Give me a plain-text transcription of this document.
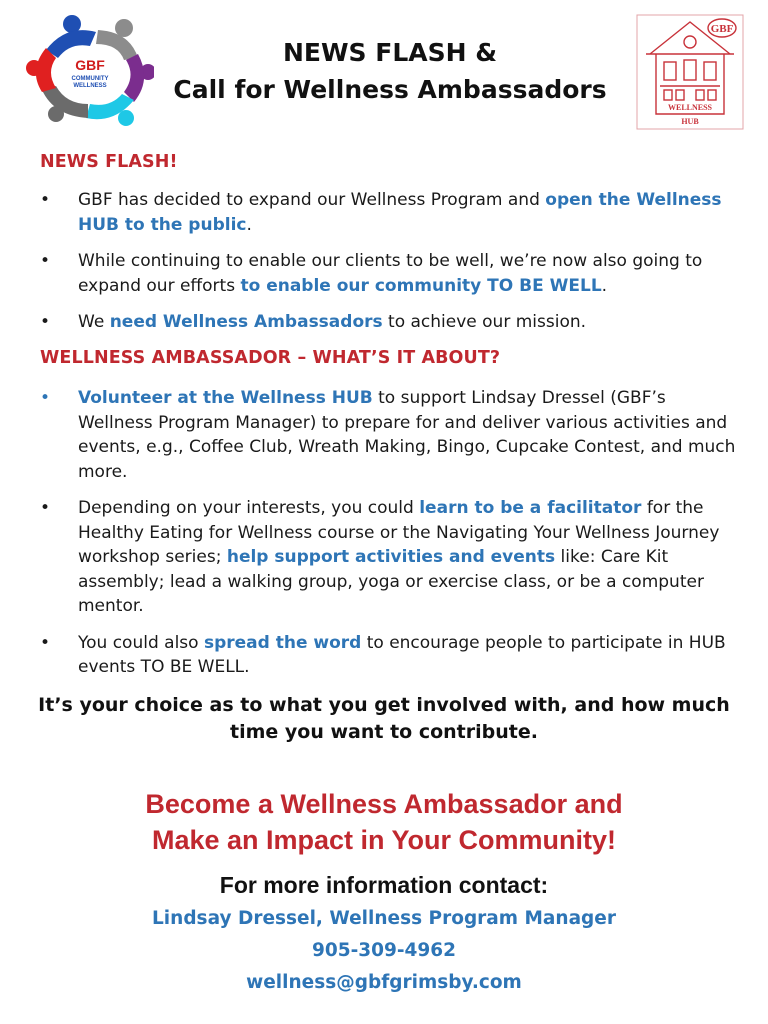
GBF
COMMUNITY
WELLNESS
NEWS FLASH &
Call for Wellness Ambassadors
GBF
WELLNESS
HUB
NEWS FLASH!
• GBF has decided to expand our Wellness Program and open the Wellness HUB to the public.
• While continuing to enable our clients to be well, we’re now also going to expand our efforts to enable our community TO BE WELL.
• We need Wellness Ambassadors to achieve our mission.
WELLNESS AMBASSADOR – WHAT’S IT ABOUT?
• Volunteer at the Wellness HUB to support Lindsay Dressel (GBF’s Wellness Program Manager) to prepare for and deliver various activities and events, e.g., Coffee Club, Wreath Making, Bingo, Cupcake Contest, and much more.
• Depending on your interests, you could learn to be a facilitator for the Healthy Eating for Wellness course or the Navigating Your Wellness Journey workshop series; help support activities and events like: Care Kit assembly; lead a walking group, yoga or exercise class, or be a computer mentor.
• You could also spread the word to encourage people to participate in HUB events TO BE WELL.
It’s your choice as to what you get involved with, and how much time you want to contribute.
Become a Wellness Ambassador and
Make an Impact in Your Community!
For more information contact:
Lindsay Dressel, Wellness Program Manager
905-309-4962
wellness@gbfgrimsby.com
